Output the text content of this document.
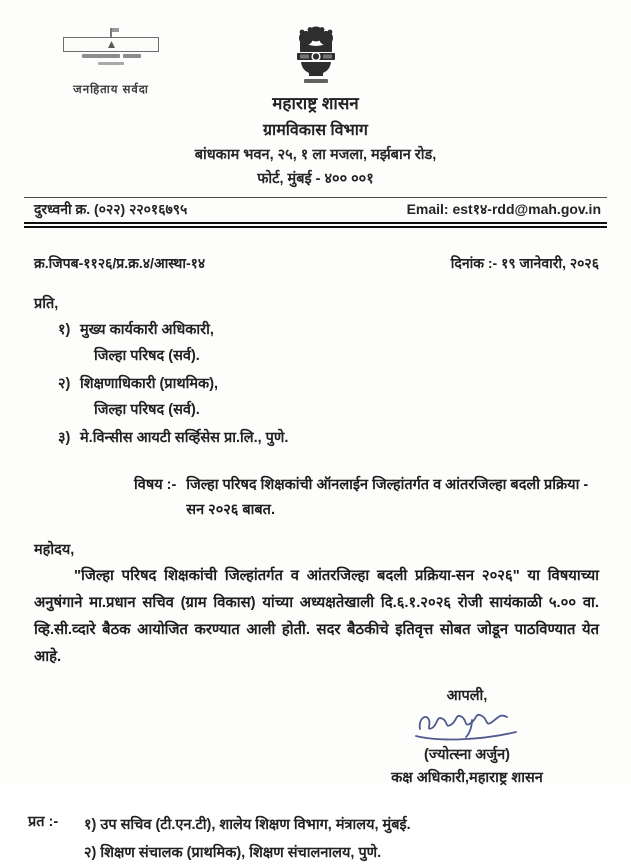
जनहिताय सर्वदा
महाराष्ट्र शासन
ग्रामविकास विभाग
बांधकाम भवन, २५, १ ला मजला, मर्झबान रोड,
फोर्ट, मुंबई - ४०० ००१
दुरध्वनी क्र. (०२२) २२०१६७९५	Email: est१४-rdd@mah.gov.in
क्र.जिपब-११२६/प्र.क्र.४/आस्था-१४	दिनांक :- १९ जानेवारी, २०२६
प्रति,
१) मुख्य कार्यकारी अधिकारी,
जिल्हा परिषद (सर्व).
२) शिक्षणाधिकारी (प्राथमिक),
जिल्हा परिषद (सर्व).
३) मे.विन्सीस आयटी सर्व्हिसेस प्रा.लि., पुणे.
विषय :- जिल्हा परिषद शिक्षकांची ऑनलाईन जिल्हांतर्गत व आंतरजिल्हा बदली प्रक्रिया - सन २०२६ बाबत.
महोदय,

"जिल्हा परिषद शिक्षकांची जिल्हांतर्गत व आंतरजिल्हा बदली प्रक्रिया-सन २०२६" या विषयाच्या अनुषंगाने मा.प्रधान सचिव (ग्राम विकास) यांच्या अध्यक्षतेखाली दि.६.१.२०२६ रोजी सायंकाळी ५.०० वा. व्हि.सी.व्दारे बैठक आयोजित करण्यात आली होती. सदर बैठकीचे इतिवृत्त सोबत जोडून पाठविण्यात येत आहे.

आपली,
(ज्योत्स्ना अर्जुन)
कक्ष अधिकारी,महाराष्ट्र शासन
प्रत :-	१) उप सचिव (टी.एन.टी), शालेय शिक्षण विभाग, मंत्रालय, मुंबई.
२) शिक्षण संचालक (प्राथमिक), शिक्षण संचालनालय, पुणे.
